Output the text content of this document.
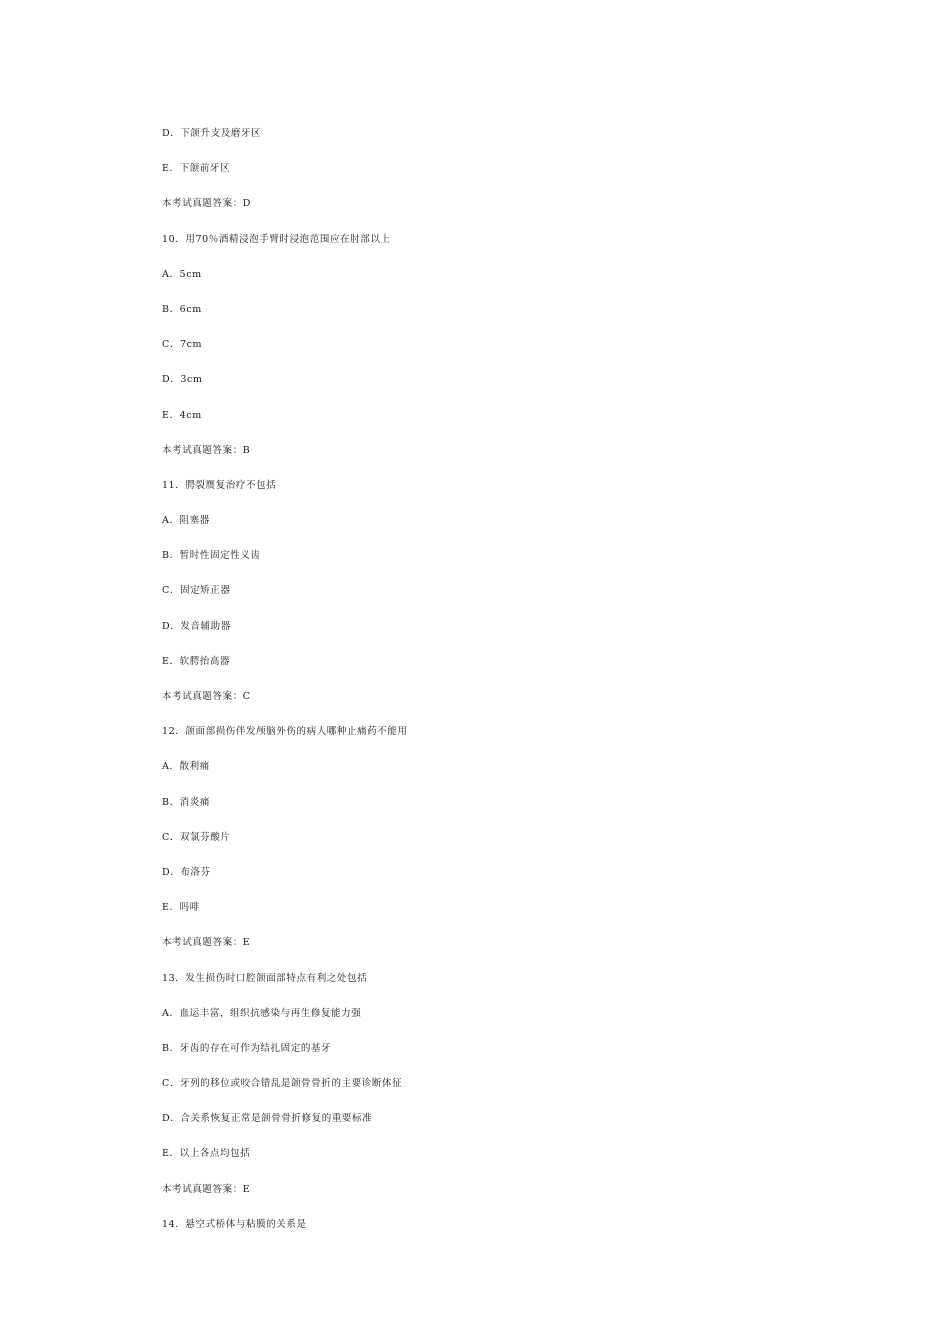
D．下颌升支及磨牙区
E．下颌前牙区
本考试真题答案：D
10．用70％酒精浸泡手臂时浸泡范围应在肘部以上
A．5cm
B．6cm
C．7cm
D．3cm
E．4cm
本考试真题答案：B
11．腭裂赝复治疗不包括
A．阻塞器
B．暂时性固定性义齿
C．固定矫正器
D．发音辅助器
E．软腭抬高器
本考试真题答案：C
12．颌面部损伤伴发颅脑外伤的病人哪种止痛药不能用
A．散利痛
B．消炎痛
C．双氯芬酸片
D．布洛芬
E．吗啡
本考试真题答案：E
13．发生损伤时口腔颌面部特点有利之处包括
A．血运丰富，组织抗感染与再生修复能力强
B．牙齿的存在可作为结扎固定的基牙
C．牙列的移位或咬合错乱是颌骨骨折的主要诊断体征
D．合关系恢复正常是颌骨骨折修复的重要标准
E．以上各点均包括
本考试真题答案：E
14．悬空式桥体与粘膜的关系是
